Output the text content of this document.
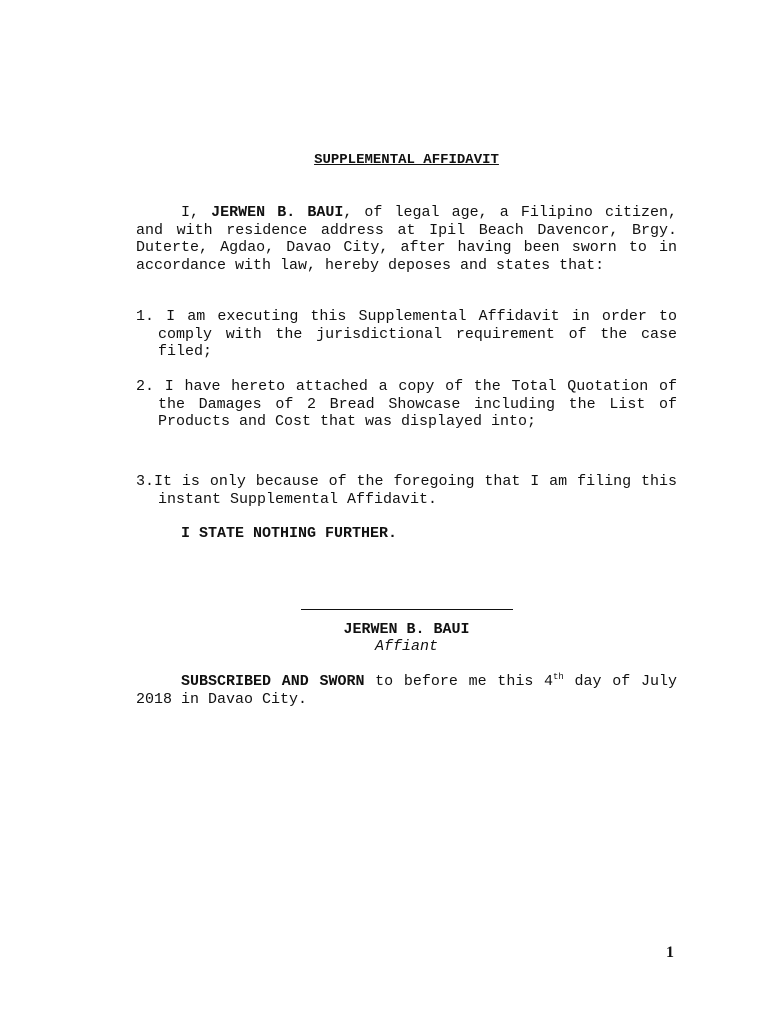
SUPPLEMENTAL AFFIDAVIT
I, JERWEN B. BAUI, of legal age, a Filipino citizen, and with residence address at Ipil Beach Davencor, Brgy. Duterte, Agdao, Davao City, after having been sworn to in accordance with law, hereby deposes and states that:
1. I am executing this Supplemental Affidavit in order to comply with the jurisdictional requirement of the case filed;
2. I have hereto attached a copy of the Total Quotation of the Damages of 2 Bread Showcase including the List of Products and Cost that was displayed into;
3.It is only because of the foregoing that I am filing this instant Supplemental Affidavit.
I STATE NOTHING FURTHER.
JERWEN B. BAUI
Affiant
SUBSCRIBED AND SWORN to before me this 4th day of July 2018 in Davao City.
1
